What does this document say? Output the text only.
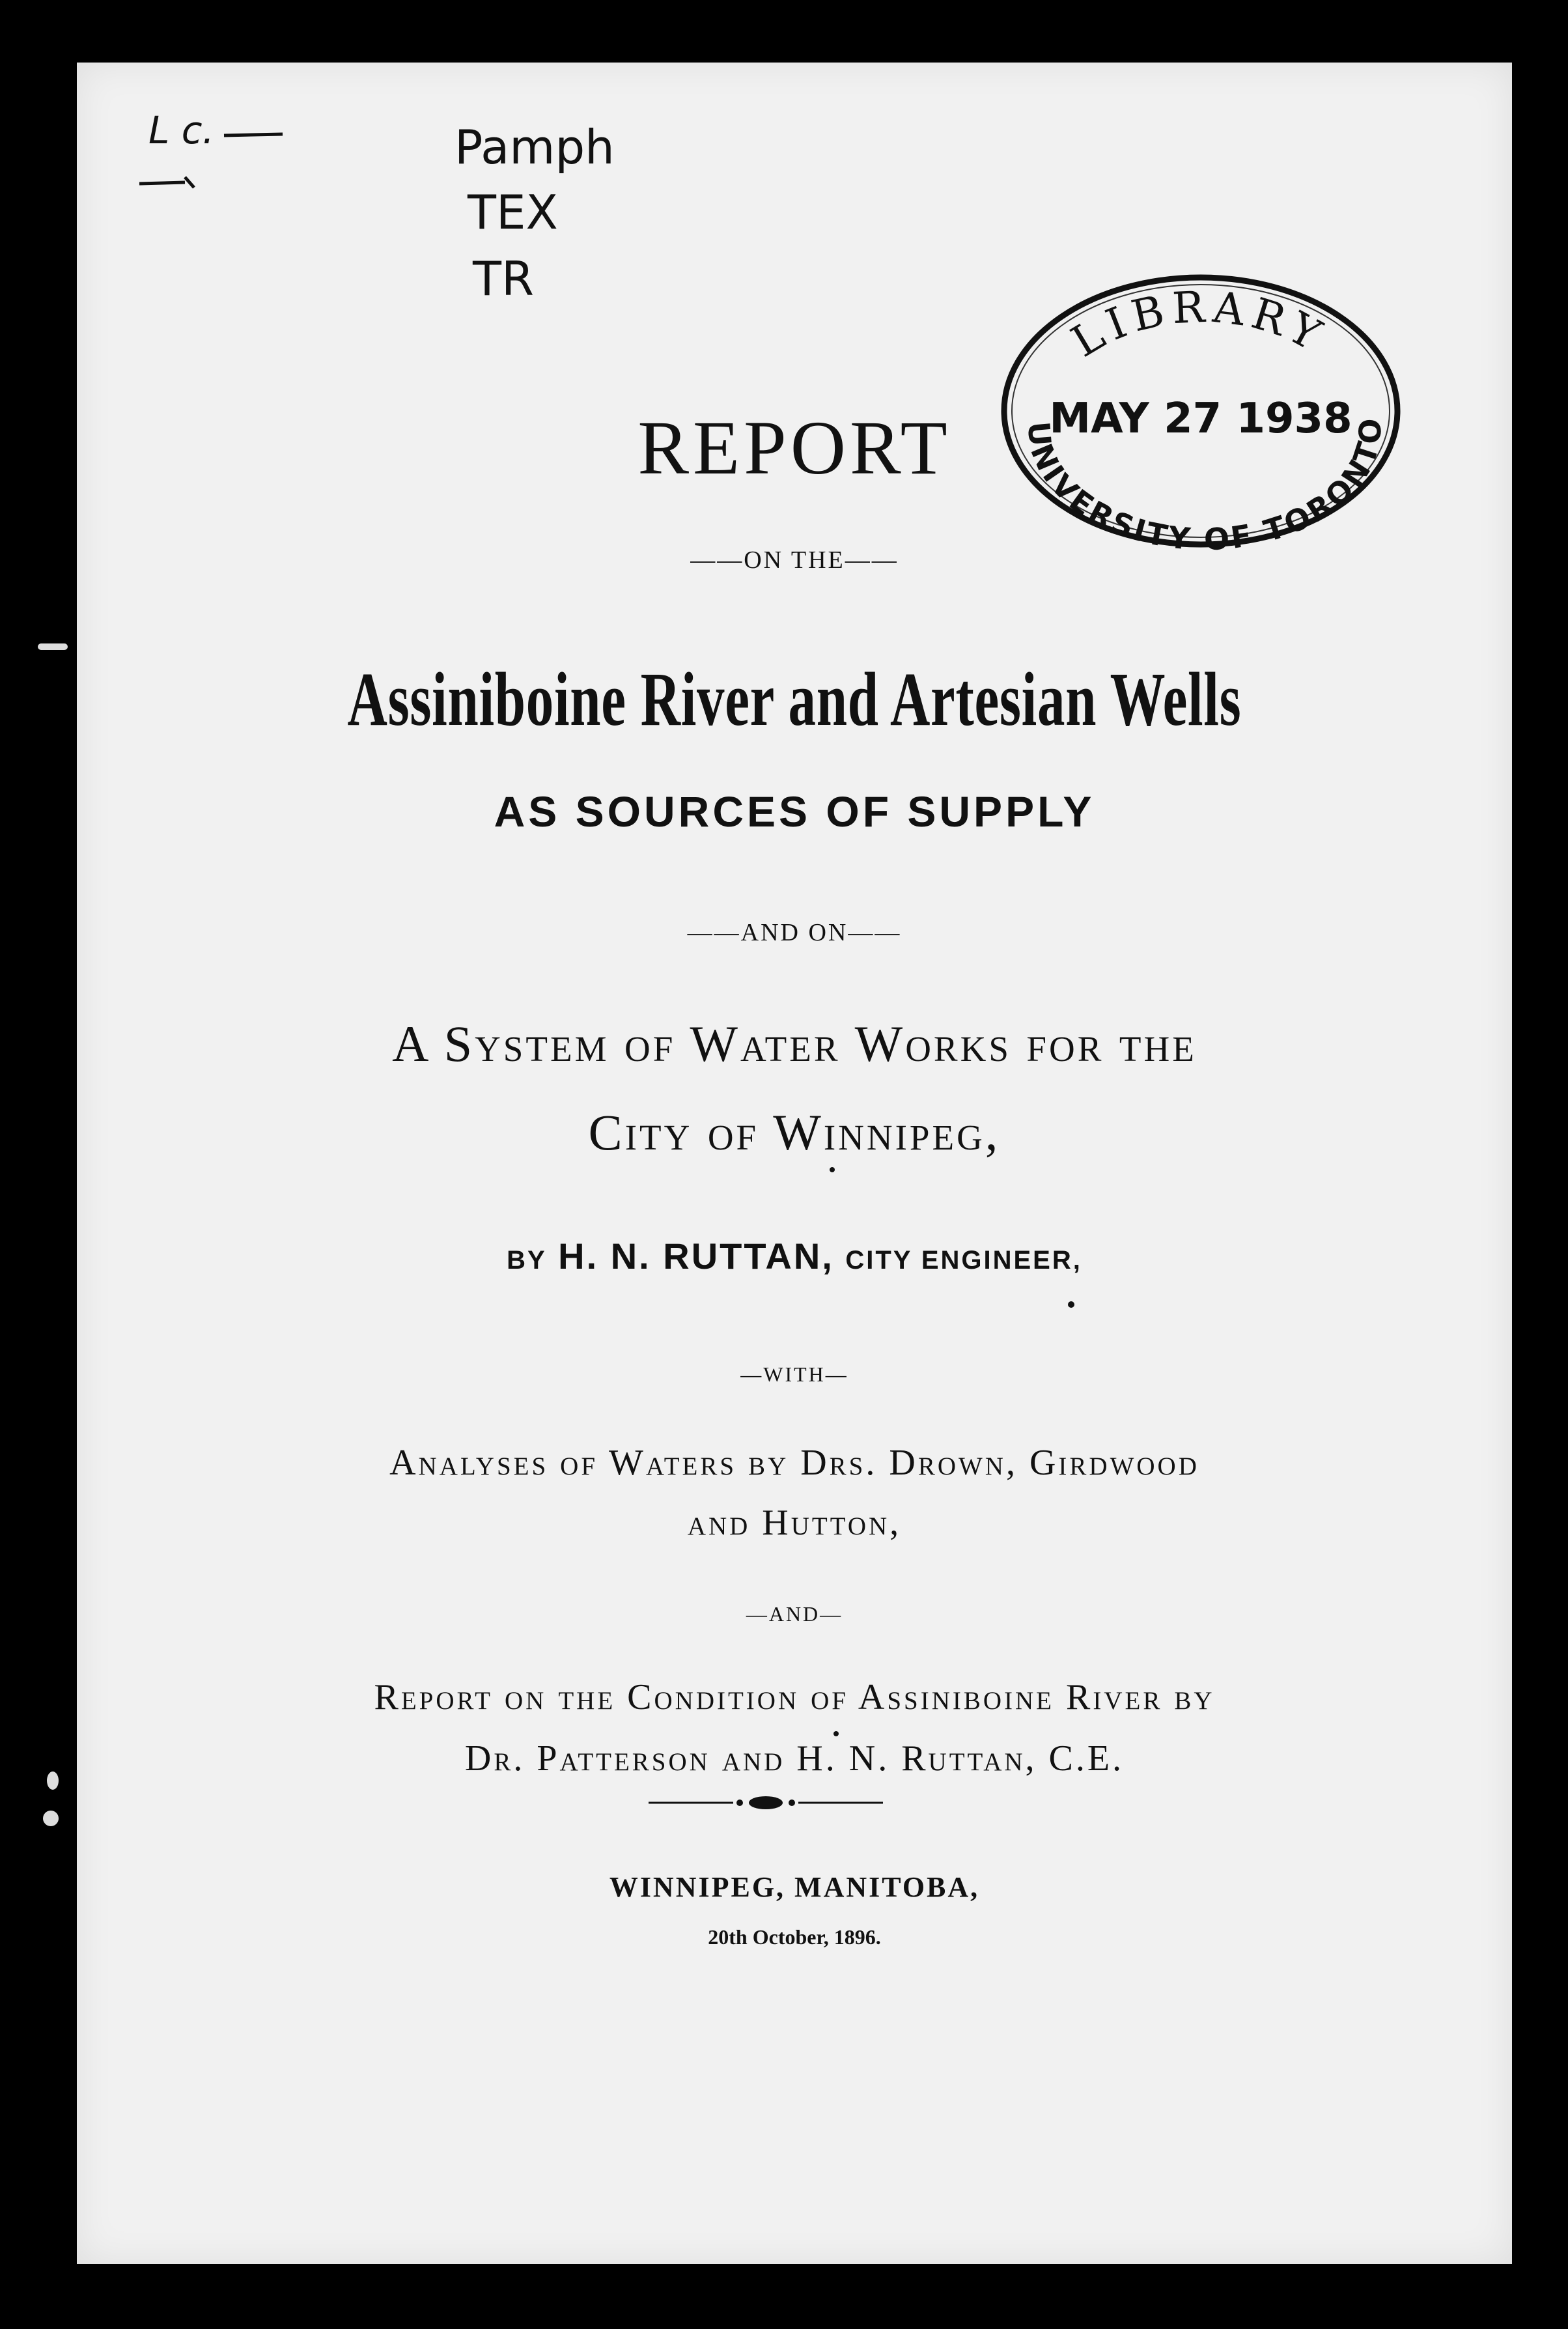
L c.	Pamph
TEX
TR
LIBRARY
MAY 27 1938
UNIVERSITY OF TORONTO
REPORT
——ON THE——
Assiniboine River and Artesian Wells
AS SOURCES OF SUPPLY
——AND ON——
A System of Water Works for the
City of Winnipeg,
BY H. N. RUTTAN, CITY ENGINEER,
—WITH—
Analyses of Waters by Drs. Drown, Girdwood
and Hutton,
—AND—
Report on the Condition of Assiniboine River by
Dr. Patterson and H. N. Ruttan, C.E.
WINNIPEG, MANITOBA,
20th October, 1896.
